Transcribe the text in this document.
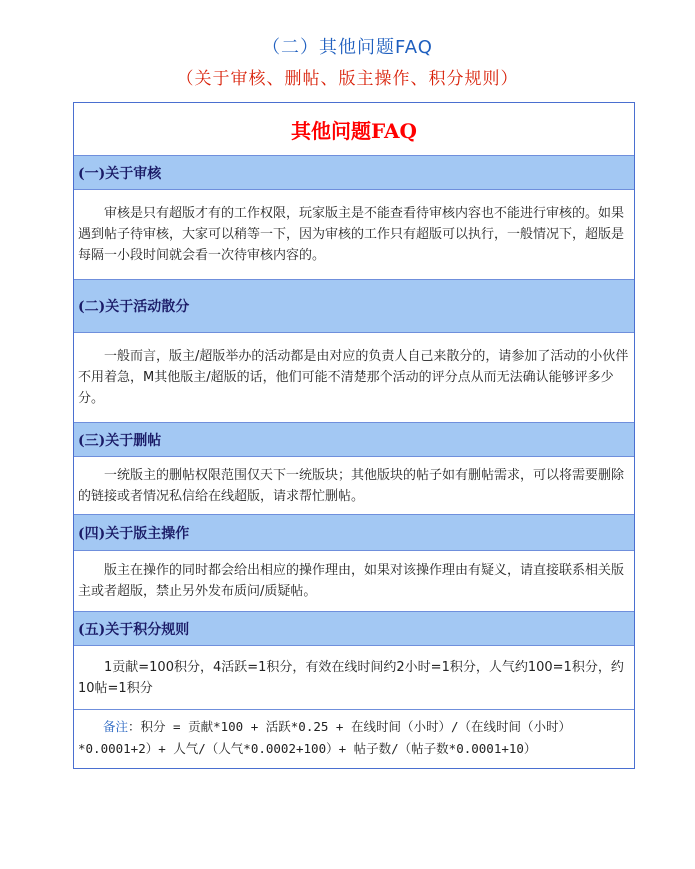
（二）其他问题FAQ
（关于审核、删帖、版主操作、积分规则）
其他问题FAQ
(一)关于审核

审核是只有超版才有的工作权限，玩家版主是不能查看待审核内容也不能进行审核的。如果遇到帖子待审核，大家可以稍等一下，因为审核的工作只有超版可以执行，一般情况下，超版是每隔一小段时间就会看一次待审核内容的。

(二)关于活动散分

一般而言，版主/超版举办的活动都是由对应的负责人自己来散分的，请参加了活动的小伙伴不用着急，M其他版主/超版的话，他们可能不清楚那个活动的评分点从而无法确认能够评多少分。

(三)关于删帖

一统版主的删帖权限范围仅天下一统版块；其他版块的帖子如有删帖需求，可以将需要删除的链接或者情况私信给在线超版，请求帮忙删帖。

(四)关于版主操作

版主在操作的同时都会给出相应的操作理由，如果对该操作理由有疑义，请直接联系相关版主或者超版，禁止另外发布质问/质疑帖。

(五)关于积分规则

1贡献=100积分，4活跃=1积分，有效在线时间约2小时=1积分，人气约100=1积分，约10帖=1积分

备注：积分 = 贡献*100 + 活跃*0.25 + 在线时间（小时）/（在线时间（小时）*0.0001+2）+ 人气/（人气*0.0002+100）+ 帖子数/（帖子数*0.0001+10）
